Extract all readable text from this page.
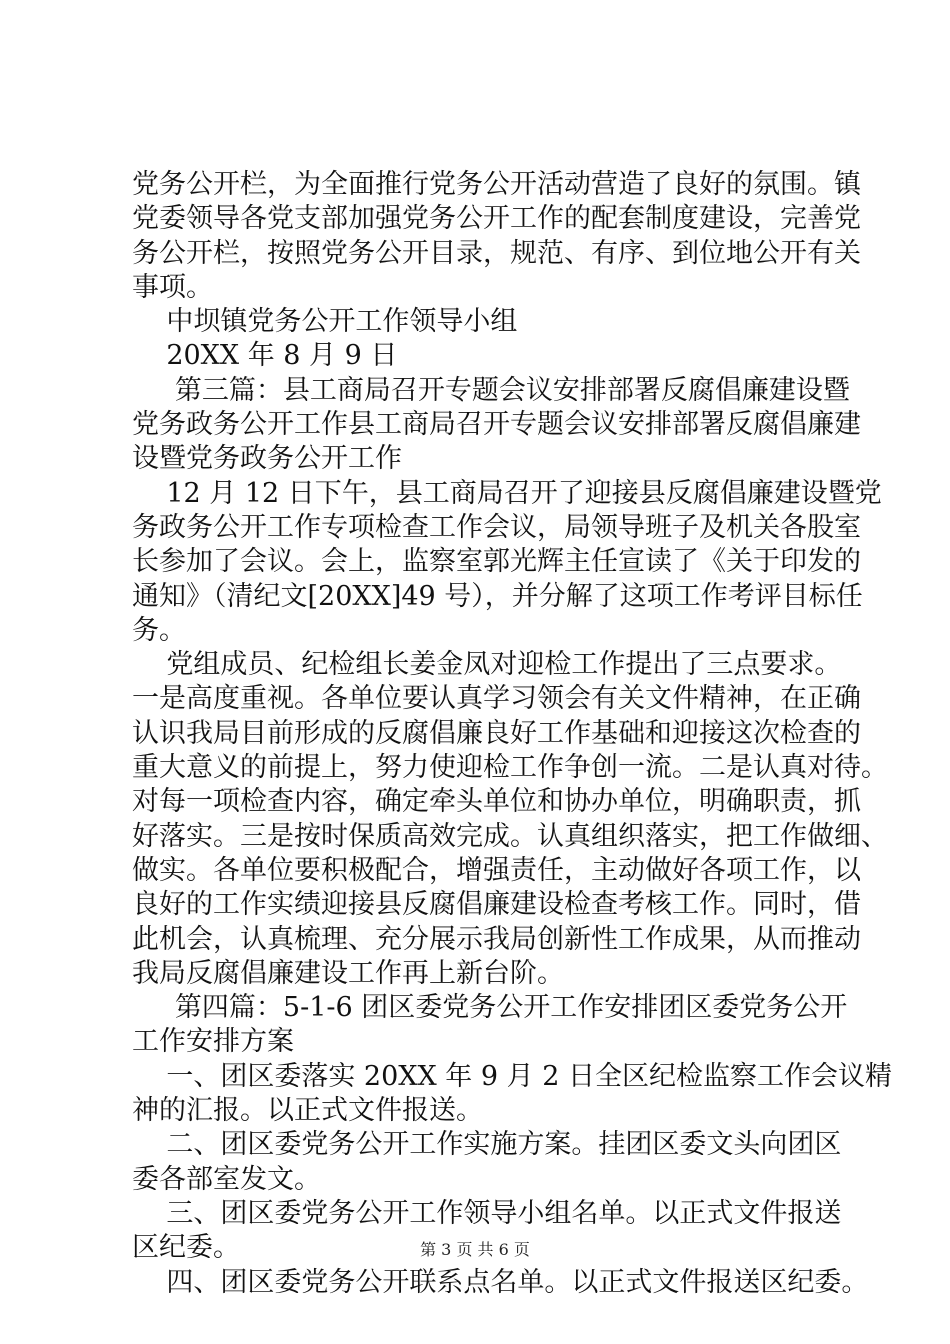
党务公开栏，为全面推行党务公开活动营造了良好的氛围。镇
党委领导各党支部加强党务公开工作的配套制度建设，完善党
务公开栏，按照党务公开目录，规范、有序、到位地公开有关
事项。
中坝镇党务公开工作领导小组
20XX 年 8 月 9 日
第三篇：县工商局召开专题会议安排部署反腐倡廉建设暨
党务政务公开工作县工商局召开专题会议安排部署反腐倡廉建
设暨党务政务公开工作
12 月 12 日下午，县工商局召开了迎接县反腐倡廉建设暨党
务政务公开工作专项检查工作会议，局领导班子及机关各股室
长参加了会议。会上，监察室郭光辉主任宣读了《关于印发的
通知》（清纪文[20XX]49 号），并分解了这项工作考评目标任
务。
党组成员、纪检组长姜金凤对迎检工作提出了三点要求。
一是高度重视。各单位要认真学习领会有关文件精神，在正确
认识我局目前形成的反腐倡廉良好工作基础和迎接这次检查的
重大意义的前提上，努力使迎检工作争创一流。二是认真对待。
对每一项检查内容，确定牵头单位和协办单位，明确职责，抓
好落实。三是按时保质高效完成。认真组织落实，把工作做细、
做实。各单位要积极配合，增强责任，主动做好各项工作，以
良好的工作实绩迎接县反腐倡廉建设检查考核工作。同时，借
此机会，认真梳理、充分展示我局创新性工作成果，从而推动
我局反腐倡廉建设工作再上新台阶。
第四篇：5-1-6 团区委党务公开工作安排团区委党务公开
工作安排方案
一、团区委落实 20XX 年 9 月 2 日全区纪检监察工作会议精
神的汇报。以正式文件报送。
二、团区委党务公开工作实施方案。挂团区委文头向团区
委各部室发文。
三、团区委党务公开工作领导小组名单。以正式文件报送
区纪委。
四、团区委党务公开联系点名单。以正式文件报送区纪委。
第 3 页 共 6 页
